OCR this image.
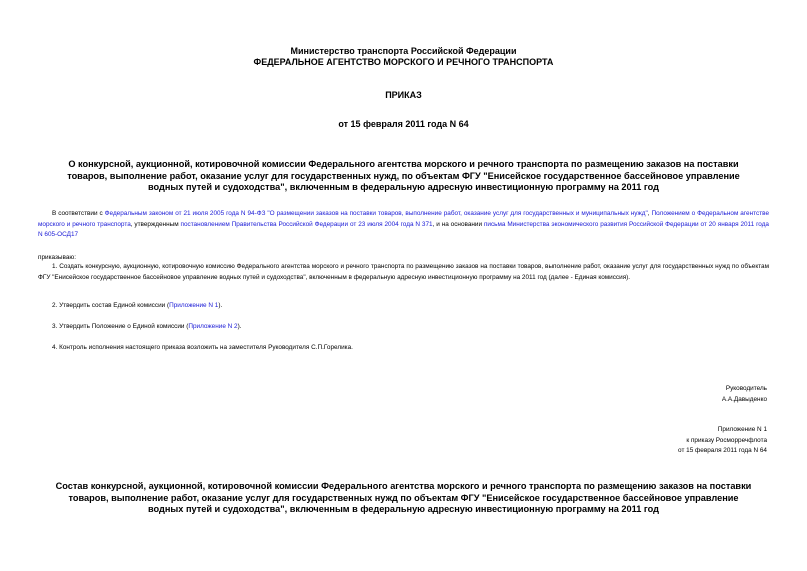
Министерство транспорта Российской Федерации
ФЕДЕРАЛЬНОЕ АГЕНТСТВО МОРСКОГО И РЕЧНОГО ТРАНСПОРТА
ПРИКАЗ
от 15 февраля 2011 года N 64
О конкурсной, аукционной, котировочной комиссии Федерального агентства морского и речного транспорта по размещению заказов на поставки товаров, выполнение работ, оказание услуг для государственных нужд, по объектам ФГУ "Енисейское государственное бассейновое управление водных путей и судоходства", включенным в федеральную адресную инвестиционную программу на 2011 год
В соответствии с Федеральным законом от 21 июля 2005 года N 94-ФЗ "О размещении заказов на поставки товаров, выполнение работ, оказание услуг для государственных и муниципальных нужд", Положением о Федеральном агентстве морского и речного транспорта, утвержденным постановлением Правительства Российской Федерации от 23 июля 2004 года N 371, и на основании письма Министерства экономического развития Российской Федерации от 20 января 2011 года N 605-ОСД17
приказываю:
1. Создать конкурсную, аукционную, котировочную комиссию Федерального агентства морского и речного транспорта по размещению заказов на поставки товаров, выполнение работ, оказание услуг для государственных нужд по объектам ФГУ "Енисейское государственное бассейновое управление водных путей и судоходства", включенным в федеральную адресную инвестиционную программу на 2011 год (далее - Единая комиссия).
2. Утвердить состав Единой комиссии (Приложение N 1).
3. Утвердить Положение о Единой комиссии (Приложение N 2).
4. Контроль исполнения настоящего приказа возложить на заместителя Руководителя С.П.Горелика.
Руководитель
А.А.Давыденко
Приложение N 1
к приказу Росморречфлота
от 15 февраля 2011 года N 64
Состав конкурсной, аукционной, котировочной комиссии Федерального агентства морского и речного транспорта по размещению заказов на поставки товаров, выполнение работ, оказание услуг для государственных нужд по объектам ФГУ "Енисейское государственное бассейновое управление водных путей и судоходства", включенным в федеральную адресную инвестиционную программу на 2011 год
